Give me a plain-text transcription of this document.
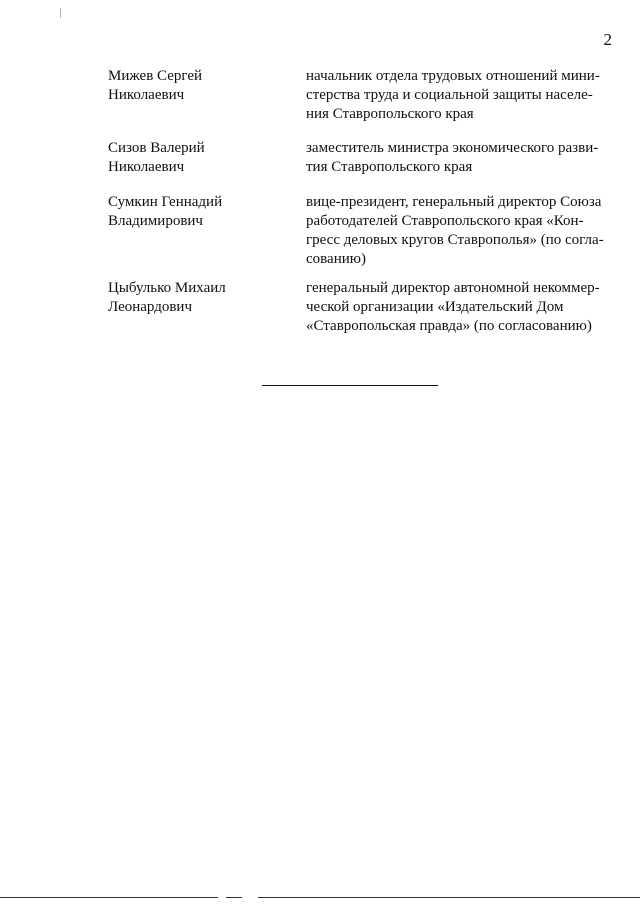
2
Мижев Сергей
Николаевич
начальник отдела трудовых отношений мини-
стерства труда и социальной защиты населе-
ния Ставропольского края
Сизов Валерий
Николаевич
заместитель министра экономического разви-
тия Ставропольского края
Сумкин Геннадий
Владимирович
вице-президент, генеральный директор Союза
работодателей Ставропольского края «Кон-
гресс деловых кругов Ставрополья» (по согла-
сованию)
Цыбулько Михаил
Леонардович
генеральный директор автономной некоммер-
ческой организации «Издательский Дом
«Ставропольская правда» (по согласованию)
